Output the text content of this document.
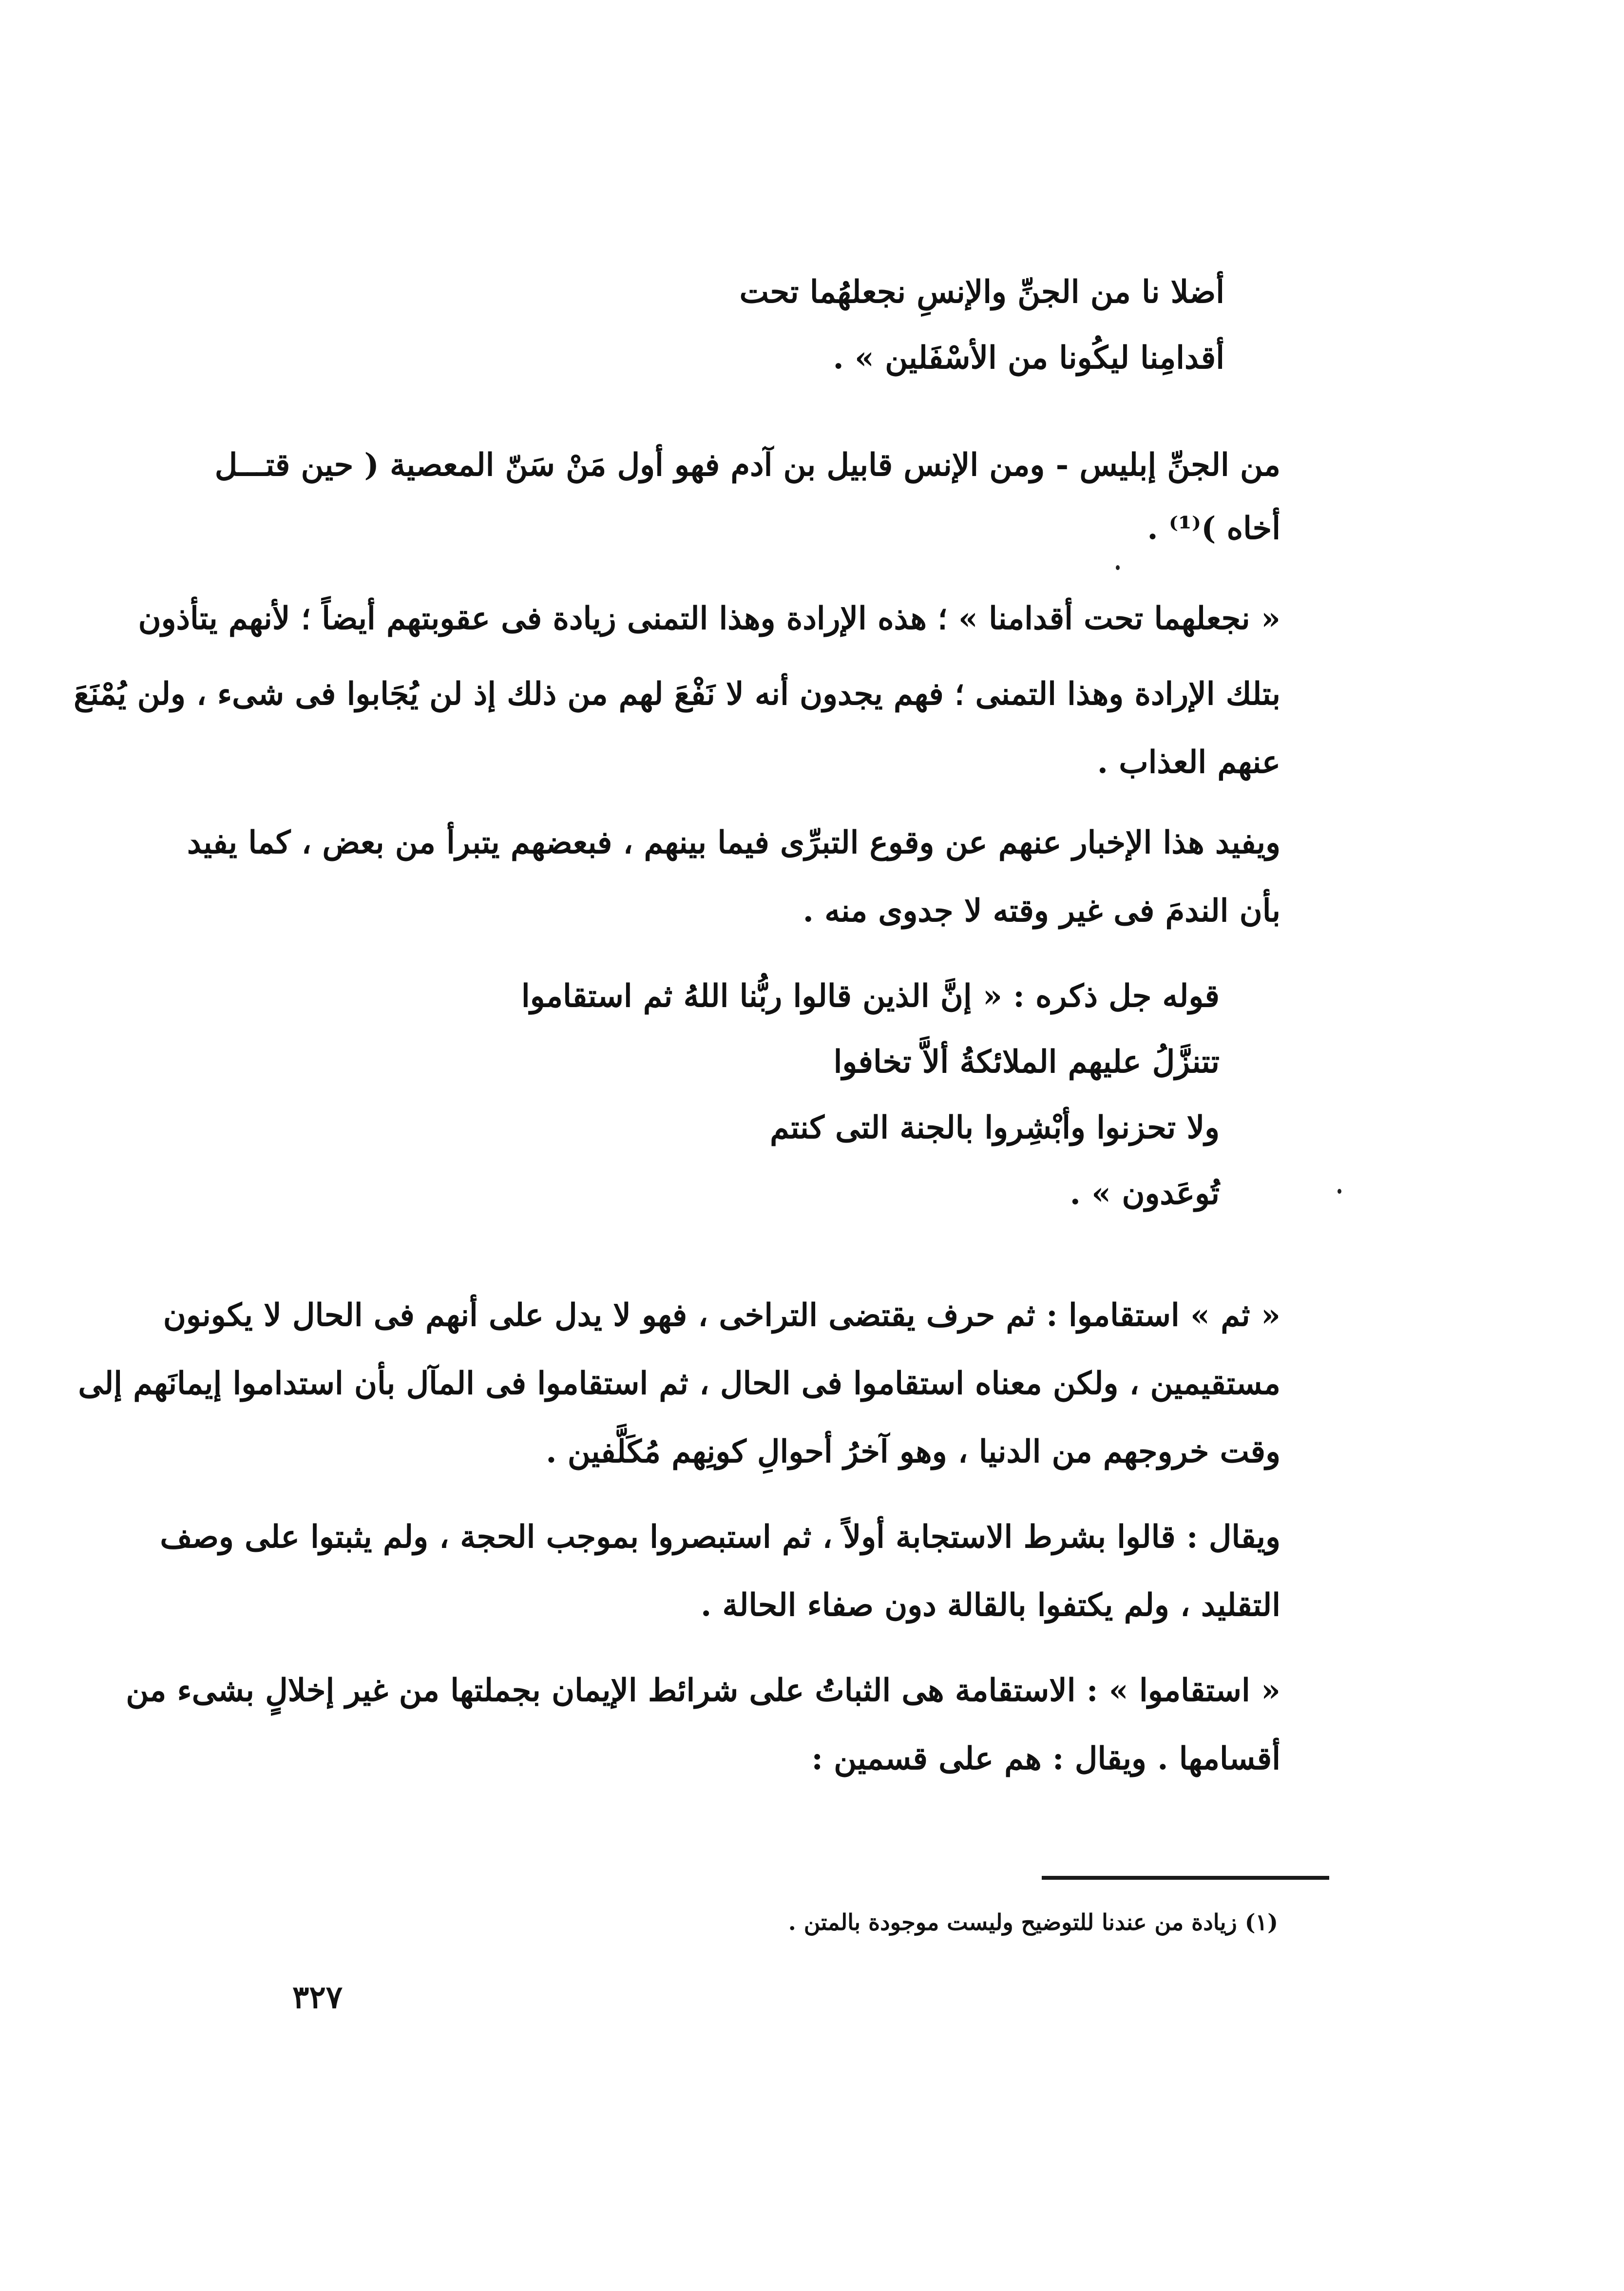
أضلا نا من الجنِّ والإنسِ نجعلهُما تحت
أقدامِنا ليكُونا من الأسْفَلين » .
من الجنِّ إبليس - ومن الإنس قابيل بن آدم فهو أول مَنْ سَنّ المعصية ( حين قتـــل
أخاه )⁽¹⁾ .
« نجعلهما تحت أقدامنا » ؛ هذه الإرادة وهذا التمنى زيادة فى عقوبتهم أيضاً ؛ لأنهم يتأذون
بتلك الإرادة وهذا التمنى ؛ فهم يجدون أنه لا نَفْعَ لهم من ذلك إذ لن يُجَابوا فى شىء ، ولن يُمْنَعَ
عنهم العذاب .
ويفيد هذا الإخبار عنهم عن وقوع التبرِّى فيما بينهم ، فبعضهم يتبرأ من بعض ، كما يفيد
بأن الندمَ فى غير وقته لا جدوى منه .
قوله جل ذكره : « إنَّ الذين قالوا ربُّنا اللهُ ثم استقاموا
تتنزَّلُ عليهم الملائكةُ ألاَّ تخافوا
ولا تحزنوا وأبْشِروا بالجنة التى كنتم
تُوعَدون » .
« ثم » استقاموا : ثم حرف يقتضى التراخى ، فهو لا يدل على أنهم فى الحال لا يكونون
مستقيمين ، ولكن معناه استقاموا فى الحال ، ثم استقاموا فى المآل بأن استداموا إيمانَهم إلى
وقت خروجهم من الدنيا ، وهو آخرُ أحوالِ كونِهم مُكَلَّفين .
ويقال : قالوا بشرط الاستجابة أولاً ، ثم استبصروا بموجب الحجة ، ولم يثبتوا على وصف
التقليد ، ولم يكتفوا بالقالة دون صفاء الحالة .
« استقاموا » : الاستقامة هى الثباتُ على شرائط الإيمان بجملتها من غير إخلالٍ بشىء من
أقسامها . ويقال : هم على قسمين :
(١) زيادة من عندنا للتوضيح وليست موجودة بالمتن .
٣٢٧
